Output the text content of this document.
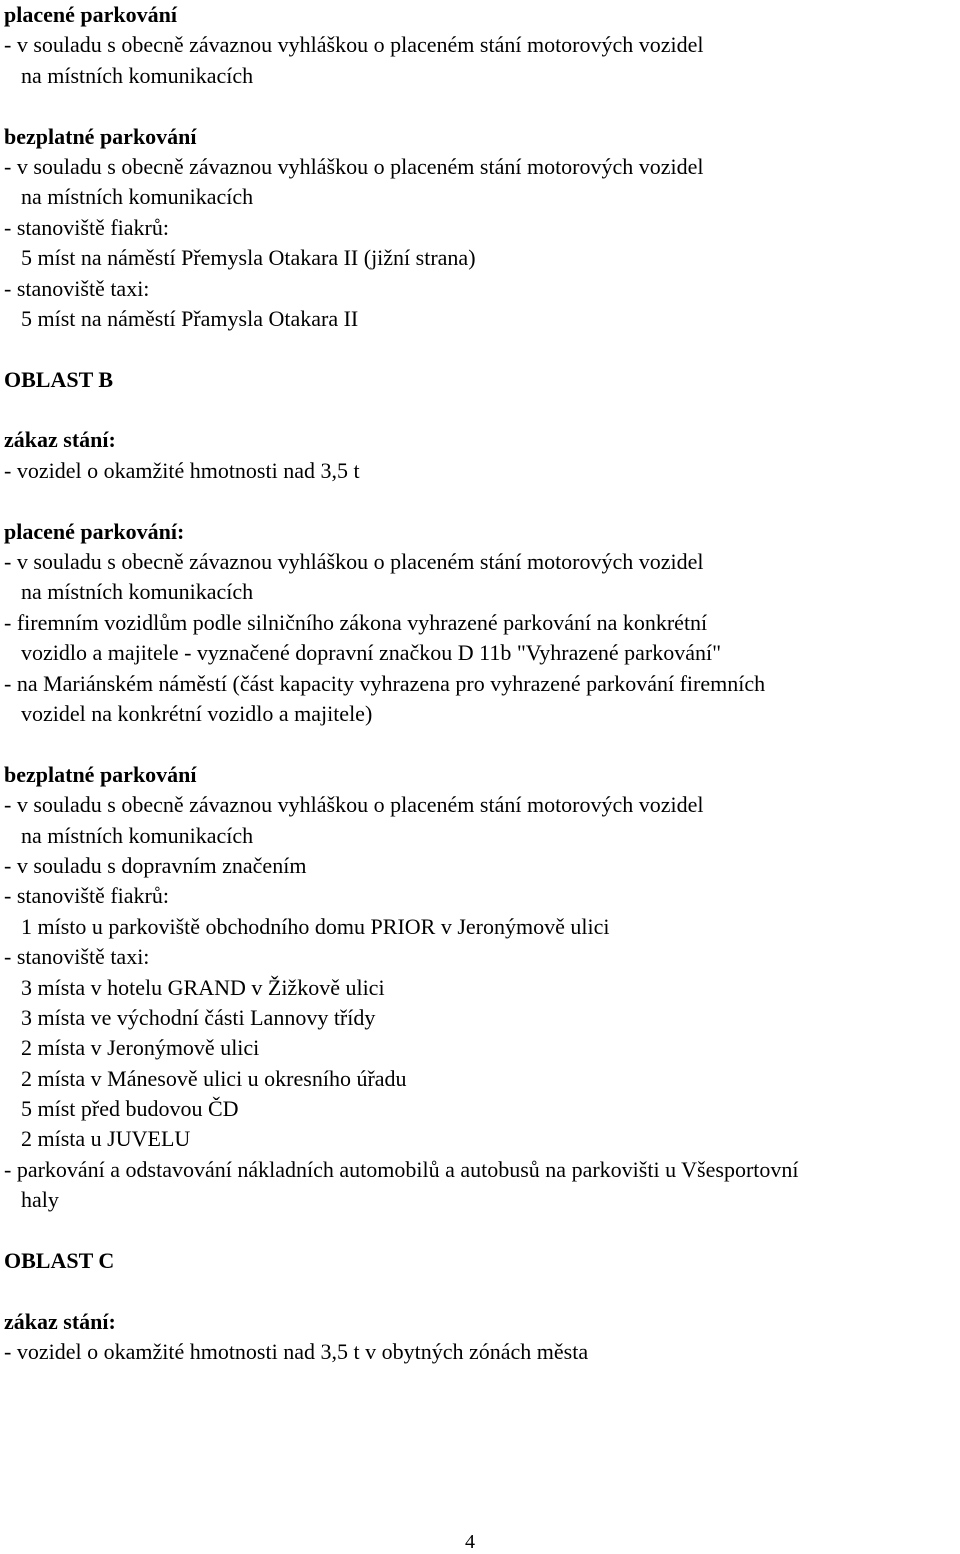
placené parkování
- v souladu s obecně závaznou vyhláškou o placeném stání motorových vozidel
na místních komunikacích
bezplatné parkování
- v souladu s obecně závaznou vyhláškou o placeném stání motorových vozidel
na místních komunikacích
- stanoviště fiakrů:
5 míst na náměstí Přemysla Otakara II (jižní strana)
- stanoviště taxi:
5 míst na náměstí Přamysla Otakara II
OBLAST B
zákaz stání:
- vozidel o okamžité hmotnosti nad 3,5 t
placené parkování:
- v souladu s obecně závaznou vyhláškou o placeném stání motorových vozidel
na místních komunikacích
- firemním vozidlům podle silničního zákona vyhrazené parkování na konkrétní
vozidlo a majitele - vyznačené dopravní značkou D 11b "Vyhrazené parkování"
- na Mariánském náměstí (část kapacity vyhrazena pro vyhrazené parkování firemních
vozidel na konkrétní vozidlo a majitele)
bezplatné parkování
- v souladu s obecně závaznou vyhláškou o placeném stání motorových vozidel
na místních komunikacích
- v souladu s dopravním značením
- stanoviště fiakrů:
1 místo u parkoviště obchodního domu PRIOR v Jeronýmově ulici
- stanoviště taxi:
3 místa v hotelu GRAND v Žižkově ulici
3 místa ve východní části Lannovy třídy
2 místa v Jeronýmově ulici
2 místa v Mánesově ulici u okresního úřadu
5 míst před budovou ČD
2 místa u JUVELU
- parkování a odstavování nákladních automobilů a autobusů na parkovišti u Všesportovní
haly
OBLAST C
zákaz stání:
- vozidel o okamžité hmotnosti nad 3,5 t v obytných zónách města
4
